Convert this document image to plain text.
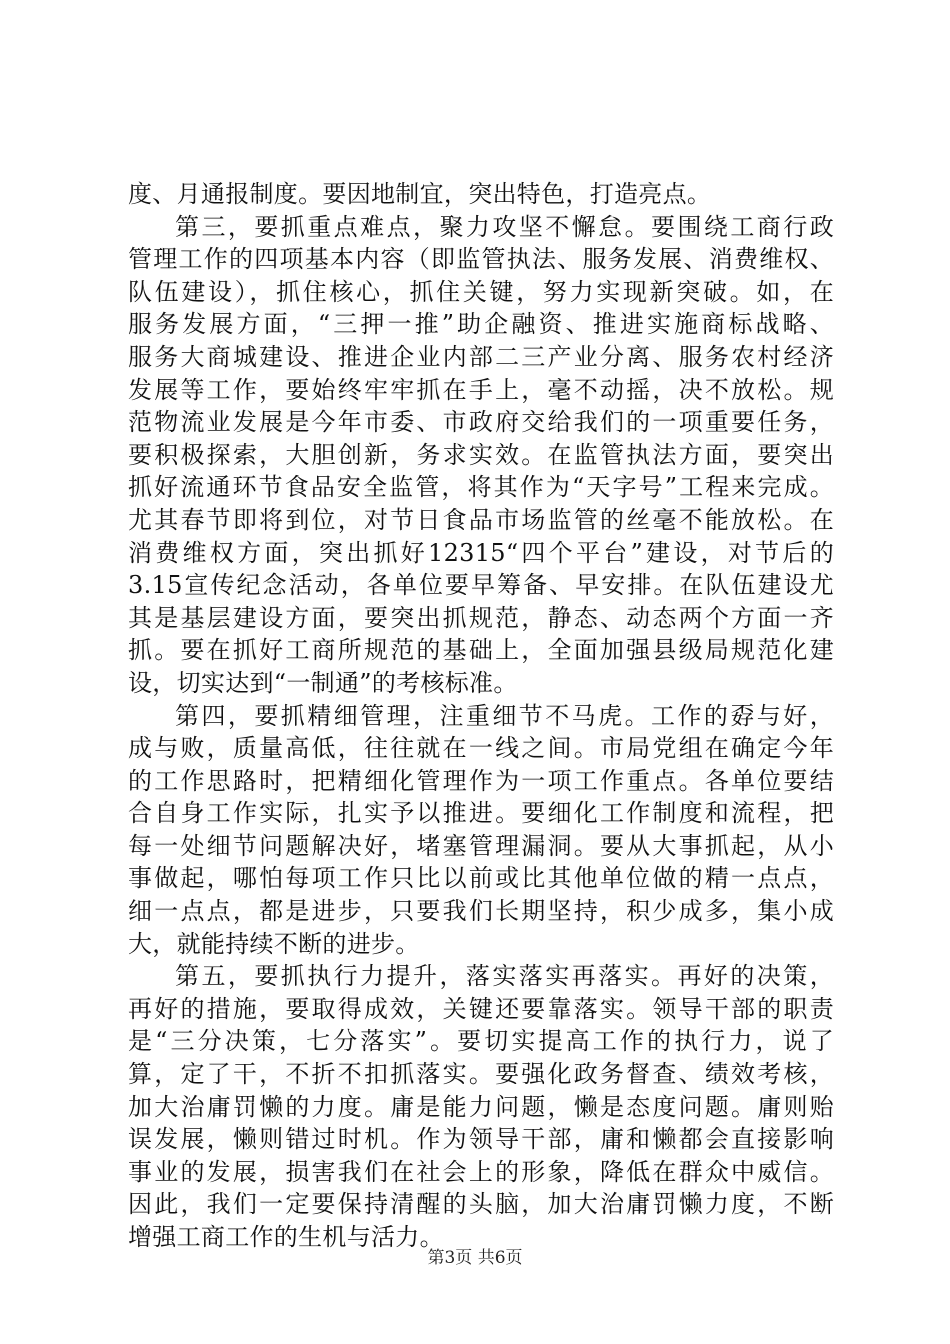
度、月通报制度。要因地制宜，突出特色，打造亮点。
第三，要抓重点难点，聚力攻坚不懈怠。要围绕工商行政
管理工作的四项基本内容（即监管执法、服务发展、消费维权、
队伍建设），抓住核心，抓住关键，努力实现新突破。如，在
服务发展方面，“三押一推”助企融资、推进实施商标战略、
服务大商城建设、推进企业内部二三产业分离、服务农村经济
发展等工作，要始终牢牢抓在手上，毫不动摇，决不放松。规
范物流业发展是今年市委、市政府交给我们的一项重要任务，
要积极探索，大胆创新，务求实效。在监管执法方面，要突出
抓好流通环节食品安全监管，将其作为“天字号”工程来完成。
尤其春节即将到位，对节日食品市场监管的丝毫不能放松。在
消费维权方面，突出抓好12315“四个平台”建设，对节后的
3.15宣传纪念活动，各单位要早筹备、早安排。在队伍建设尤
其是基层建设方面，要突出抓规范，静态、动态两个方面一齐
抓。要在抓好工商所规范的基础上，全面加强县级局规范化建
设，切实达到“一制通”的考核标准。
第四，要抓精细管理，注重细节不马虎。工作的孬与好，
成与败，质量高低，往往就在一线之间。市局党组在确定今年
的工作思路时，把精细化管理作为一项工作重点。各单位要结
合自身工作实际，扎实予以推进。要细化工作制度和流程，把
每一处细节问题解决好，堵塞管理漏洞。要从大事抓起，从小
事做起，哪怕每项工作只比以前或比其他单位做的精一点点，
细一点点，都是进步，只要我们长期坚持，积少成多，集小成
大，就能持续不断的进步。
第五，要抓执行力提升，落实落实再落实。再好的决策，
再好的措施，要取得成效，关键还要靠落实。领导干部的职责
是“三分决策，七分落实”。要切实提高工作的执行力，说了
算，定了干，不折不扣抓落实。要强化政务督查、绩效考核，
加大治庸罚懒的力度。庸是能力问题，懒是态度问题。庸则贻
误发展，懒则错过时机。作为领导干部，庸和懒都会直接影响
事业的发展，损害我们在社会上的形象，降低在群众中威信。
因此，我们一定要保持清醒的头脑，加大治庸罚懒力度，不断
增强工商工作的生机与活力。
第3页 共6页
